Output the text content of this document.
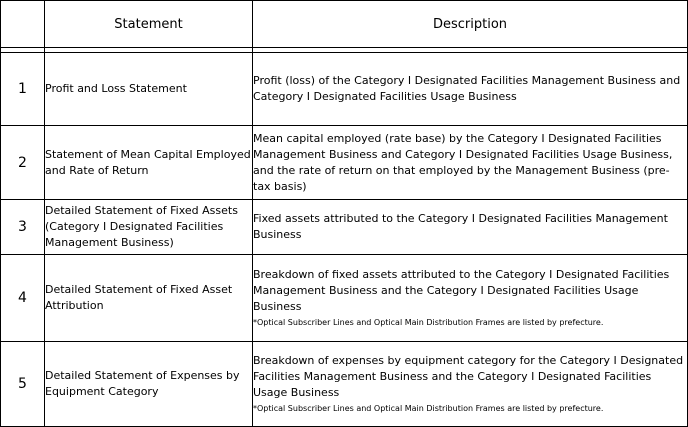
	Statement	Description

1	Profit and Loss Statement	Profit (loss) of the Category I Designated Facilities Management Business and Category I Designated Facilities Usage Business
2	Statement of Mean Capital Employed and Rate of Return	Mean capital employed (rate base) by the Category I Designated Facilities Management Business and Category I Designated Facilities Usage Business, and the rate of return on that employed by the Management Business (pre-tax basis)
3	Detailed Statement of Fixed Assets (Category I Designated Facilities Management Business)	Fixed assets attributed to the Category I Designated Facilities Management Business
4	Detailed Statement of Fixed Asset Attribution	Breakdown of fixed assets attributed to the Category I Designated Facilities Management Business and the Category I Designated Facilities Usage Business
*Optical Subscriber Lines and Optical Main Distribution Frames are listed by prefecture.

5	Detailed Statement of Expenses by Equipment Category	Breakdown of expenses by equipment category for the Category I Designated Facilities Management Business and the Category I Designated Facilities Usage Business
*Optical Subscriber Lines and Optical Main Distribution Frames are listed by prefecture.
